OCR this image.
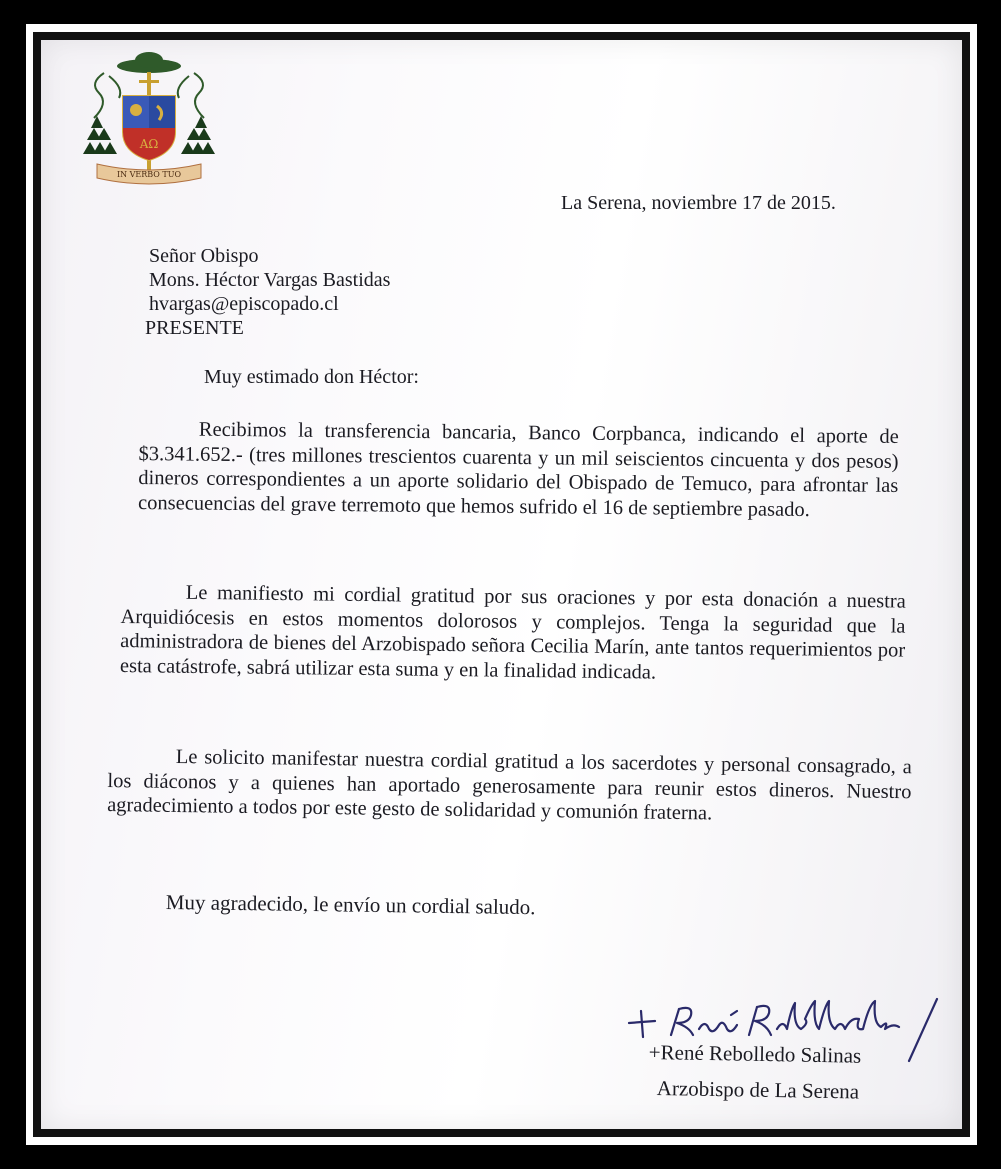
AΩ
IN VERBO TUO
La Serena, noviembre 17 de 2015.
Señor Obispo
Mons. Héctor Vargas Bastidas
hvargas@episcopado.cl
PRESENTE
Muy estimado don Héctor:
Recibimos la transferencia bancaria, Banco Corpbanca, indicando el aporte de $3.341.652.- (tres millones trescientos cuarenta y un mil seiscientos cincuenta y dos pesos) dineros correspondientes a un aporte solidario del Obispado de Temuco, para afrontar las consecuencias del grave terremoto que hemos sufrido el 16 de septiembre pasado.
Le manifiesto mi cordial gratitud por sus oraciones y por esta donación a nuestra Arquidiócesis en estos momentos dolorosos y complejos. Tenga la seguridad que la administradora de bienes del Arzobispado señora Cecilia Marín, ante tantos requerimientos por esta catástrofe, sabrá utilizar esta suma y en la finalidad indicada.
Le solicito manifestar nuestra cordial gratitud a los sacerdotes y personal consagrado, a los diáconos y a quienes han aportado generosamente para reunir estos dineros. Nuestro agradecimiento a todos por este gesto de solidaridad y comunión fraterna.
Muy agradecido, le envío un cordial saludo.
+René Rebolledo Salinas
Arzobispo de La Serena
